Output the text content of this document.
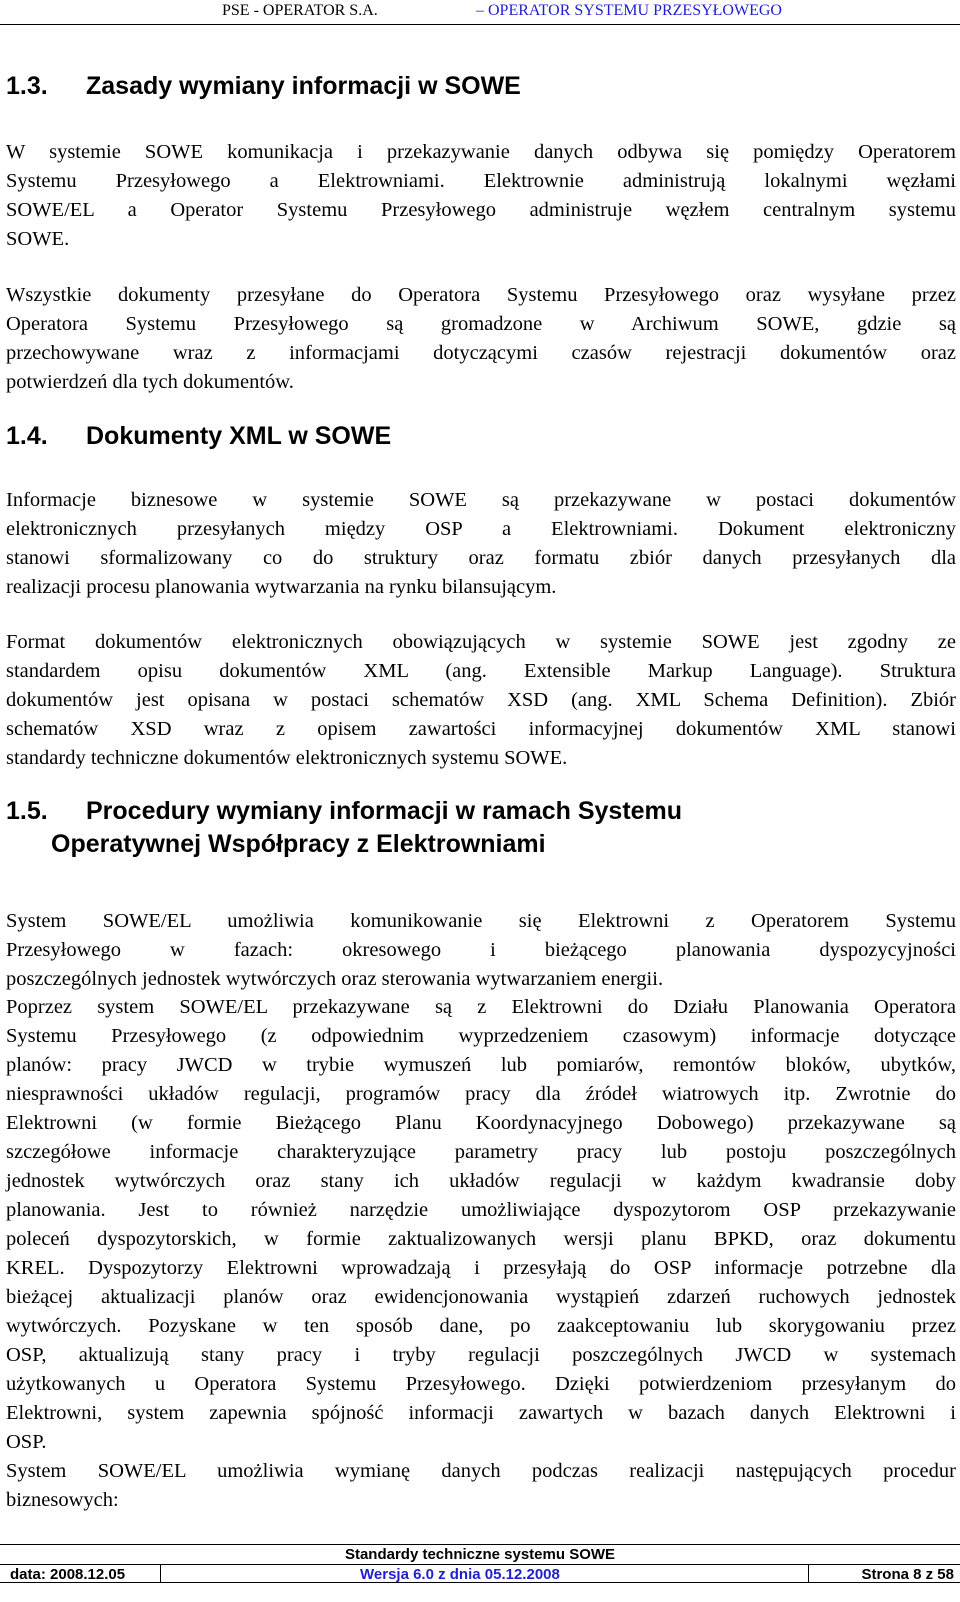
PSE - OPERATOR S.A.	– OPERATOR SYSTEMU PRZESYŁOWEGO
1.3. Zasady wymiany informacji w SOWE
W systemie SOWE komunikacja i przekazywanie danych odbywa się pomiędzy Operatorem
Systemu Przesyłowego a Elektrowniami. Elektrownie administrują lokalnymi węzłami
SOWE/EL a Operator Systemu Przesyłowego administruje węzłem centralnym systemu
SOWE.
Wszystkie dokumenty przesyłane do Operatora Systemu Przesyłowego oraz wysyłane przez
Operatora Systemu Przesyłowego są gromadzone w Archiwum SOWE, gdzie są
przechowywane wraz z informacjami dotyczącymi czasów rejestracji dokumentów oraz
potwierdzeń dla tych dokumentów.
1.4. Dokumenty XML w SOWE
Informacje biznesowe w systemie SOWE są przekazywane w postaci dokumentów
elektronicznych przesyłanych między OSP a Elektrowniami. Dokument elektroniczny
stanowi sformalizowany co do struktury oraz formatu zbiór danych przesyłanych dla
realizacji procesu planowania wytwarzania na rynku bilansującym.
Format dokumentów elektronicznych obowiązujących w systemie SOWE jest zgodny ze
standardem opisu dokumentów XML (ang. Extensible Markup Language). Struktura
dokumentów jest opisana w postaci schematów XSD (ang. XML Schema Definition). Zbiór
schematów XSD wraz z opisem zawartości informacyjnej dokumentów XML stanowi
standardy techniczne dokumentów elektronicznych systemu SOWE.
1.5. Procedury wymiany informacji w ramach Systemu
Operatywnej Współpracy z Elektrowniami
System SOWE/EL umożliwia komunikowanie się Elektrowni z Operatorem Systemu
Przesyłowego w fazach: okresowego i bieżącego planowania dyspozycyjności
poszczególnych jednostek wytwórczych oraz sterowania wytwarzaniem energii.
Poprzez system SOWE/EL przekazywane są z Elektrowni do Działu Planowania Operatora
Systemu Przesyłowego (z odpowiednim wyprzedzeniem czasowym) informacje dotyczące
planów: pracy JWCD w trybie wymuszeń lub pomiarów, remontów bloków, ubytków,
niesprawności układów regulacji, programów pracy dla źródeł wiatrowych itp. Zwrotnie do
Elektrowni (w formie Bieżącego Planu Koordynacyjnego Dobowego) przekazywane są
szczegółowe informacje charakteryzujące parametry pracy lub postoju poszczególnych
jednostek wytwórczych oraz stany ich układów regulacji w każdym kwadransie doby
planowania. Jest to również narzędzie umożliwiające dyspozytorom OSP przekazywanie
poleceń dyspozytorskich, w formie zaktualizowanych wersji planu BPKD, oraz dokumentu
KREL. Dyspozytorzy Elektrowni wprowadzają i przesyłają do OSP informacje potrzebne dla
bieżącej aktualizacji planów oraz ewidencjonowania wystąpień zdarzeń ruchowych jednostek
wytwórczych. Pozyskane w ten sposób dane, po zaakceptowaniu lub skorygowaniu przez
OSP, aktualizują stany pracy i tryby regulacji poszczególnych JWCD w systemach
użytkowanych u Operatora Systemu Przesyłowego. Dzięki potwierdzeniom przesyłanym do
Elektrowni, system zapewnia spójność informacji zawartych w bazach danych Elektrowni i
OSP.
System SOWE/EL umożliwia wymianę danych podczas realizacji następujących procedur
biznesowych:
Standardy techniczne systemu SOWE
data: 2008.12.05	Wersja 6.0 z dnia 05.12.2008	Strona 8 z 58
